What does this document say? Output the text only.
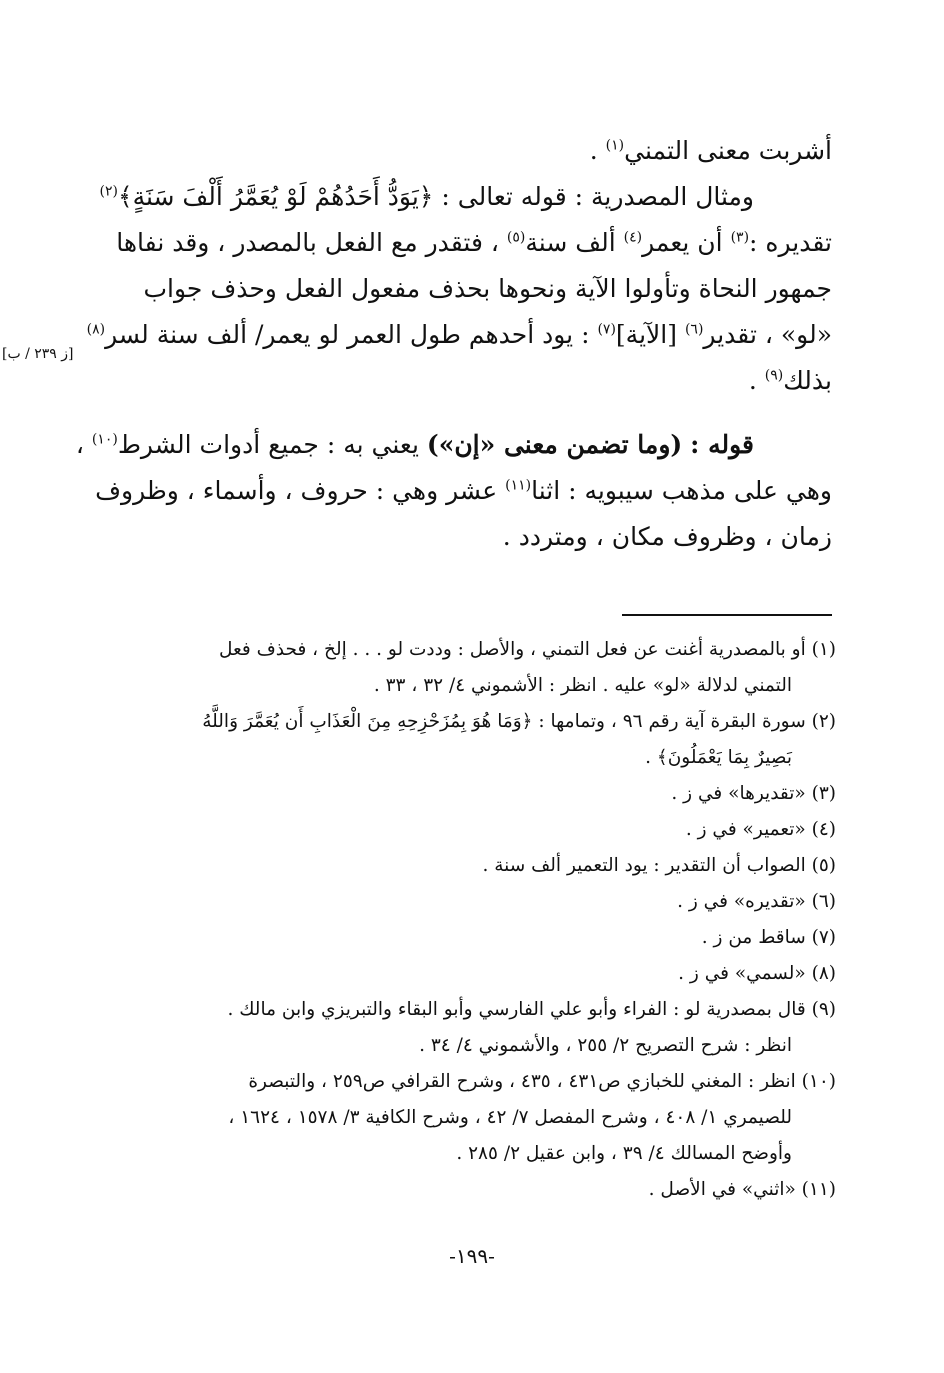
أشربت معنى التمني$^{(١)}$ .
ومثال المصدرية : قوله تعالى : ﴿يَوَدُّ أَحَدُهُمْ لَوْ يُعَمَّرُ أَلْفَ سَنَةٍ﴾$^{(٢)}$
تقديره :$^{(٣)}$ أن يعمر$^{(٤)}$ ألف سنة$^{(٥)}$ ، فتقدر مع الفعل بالمصدر ، وقد نفاها
جمهور النحاة وتأولوا الآية ونحوها بحذف مفعول الفعل وحذف جواب
«لو» ، تقدير$^{(٦)}$ [الآية]$^{(٧)}$ : يود أحدهم طول العمر لو يعمر/ ألف سنة لسر$^{(٨)}$
بذلك$^{(٩)}$ .
قوله : (وما تضمن معنى «إن») يعني به : جميع أدوات الشرط$^{(١٠)}$ ،
وهي على مذهب سيبويه : اثنا$^{(١١)}$ عشر وهي : حروف ، وأسماء ، وظروف
زمان ، وظروف مكان ، ومتردد .
[ز ٢٣٩ / ب]
(١) أو بالمصدرية أغنت عن فعل التمني ، والأصل : وددت لو . . . إلخ ، فحذف فعل
التمني لدلالة «لو» عليه . انظر : الأشموني ٤/ ٣٢ ، ٣٣ .
(٢) سورة البقرة آية رقم ٩٦ ، وتمامها : ﴿وَمَا هُوَ بِمُزَحْزِحِهِ مِنَ الْعَذَابِ أَن يُعَمَّرَ وَاللَّهُ
بَصِيرٌ بِمَا يَعْمَلُونَ﴾ .
(٣) «تقديرها» في ز .
(٤) «تعمير» في ز .
(٥) الصواب أن التقدير : يود التعمير ألف سنة .
(٦) «تقديره» في ز .
(٧) ساقط من ز .
(٨) «لسمي» في ز .
(٩) قال بمصدرية لو : الفراء وأبو علي الفارسي وأبو البقاء والتبريزي وابن مالك .
انظر : شرح التصريح ٢/ ٢٥٥ ، والأشموني ٤/ ٣٤ .
(١٠) انظر : المغني للخبازي ص٤٣١ ، ٤٣٥ ، وشرح القرافي ص٢٥٩ ، والتبصرة
للصيمري ١/ ٤٠٨ ، وشرح المفصل ٧/ ٤٢ ، وشرح الكافية ٣/ ١٥٧٨ ، ١٦٢٤ ،
وأوضح المسالك ٤/ ٣٩ ، وابن عقيل ٢/ ٢٨٥ .
(١١) «اثني» في الأصل .
-١٩٩-
